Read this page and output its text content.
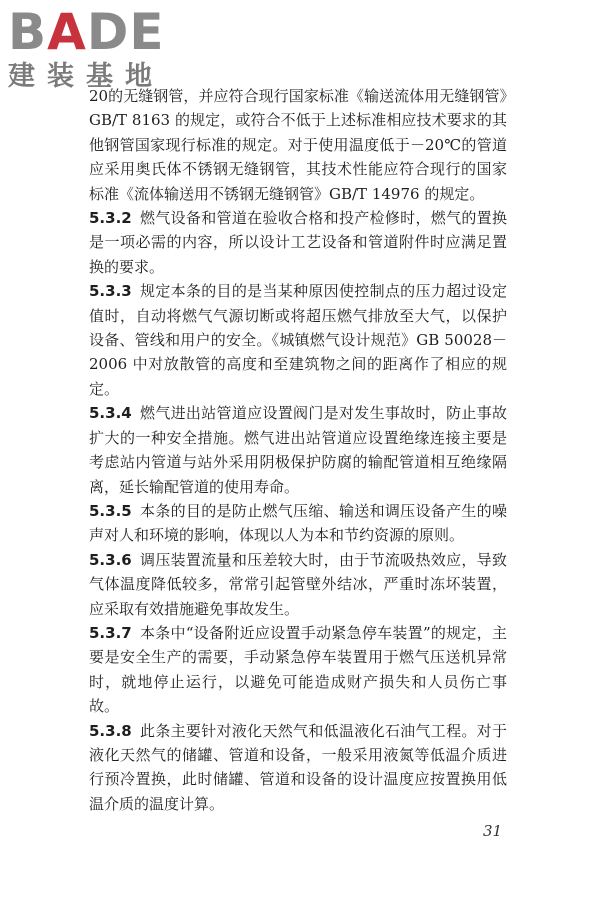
BADE
建装基地

20的无缝钢管，并应符合现行国家标准《输送流体用无缝钢管》GB/T 8163 的规定，或符合不低于上述标准相应技术要求的其他钢管国家现行标准的规定。对于使用温度低于－20℃的管道应采用奥氏体不锈钢无缝钢管，其技术性能应符合现行的国家标准《流体输送用不锈钢无缝钢管》GB/T 14976 的规定。

5.3.2 燃气设备和管道在验收合格和投产检修时，燃气的置换是一项必需的内容，所以设计工艺设备和管道附件时应满足置换的要求。

5.3.3 规定本条的目的是当某种原因使控制点的压力超过设定值时，自动将燃气气源切断或将超压燃气排放至大气，以保护设备、管线和用户的安全。《城镇燃气设计规范》GB 50028－2006 中对放散管的高度和至建筑物之间的距离作了相应的规定。

5.3.4 燃气进出站管道应设置阀门是对发生事故时，防止事故扩大的一种安全措施。燃气进出站管道应设置绝缘连接主要是考虑站内管道与站外采用阴极保护防腐的输配管道相互绝缘隔离，延长输配管道的使用寿命。

5.3.5 本条的目的是防止燃气压缩、输送和调压设备产生的噪声对人和环境的影响，体现以人为本和节约资源的原则。

5.3.6 调压装置流量和压差较大时，由于节流吸热效应，导致气体温度降低较多，常常引起管壁外结冰，严重时冻坏装置，应采取有效措施避免事故发生。

5.3.7 本条中“设备附近应设置手动紧急停车装置”的规定，主要是安全生产的需要，手动紧急停车装置用于燃气压送机异常时，就地停止运行，以避免可能造成财产损失和人员伤亡事故。

5.3.8 此条主要针对液化天然气和低温液化石油气工程。对于液化天然气的储罐、管道和设备，一般采用液氮等低温介质进行预冷置换，此时储罐、管道和设备的设计温度应按置换用低温介质的温度计算。

31
